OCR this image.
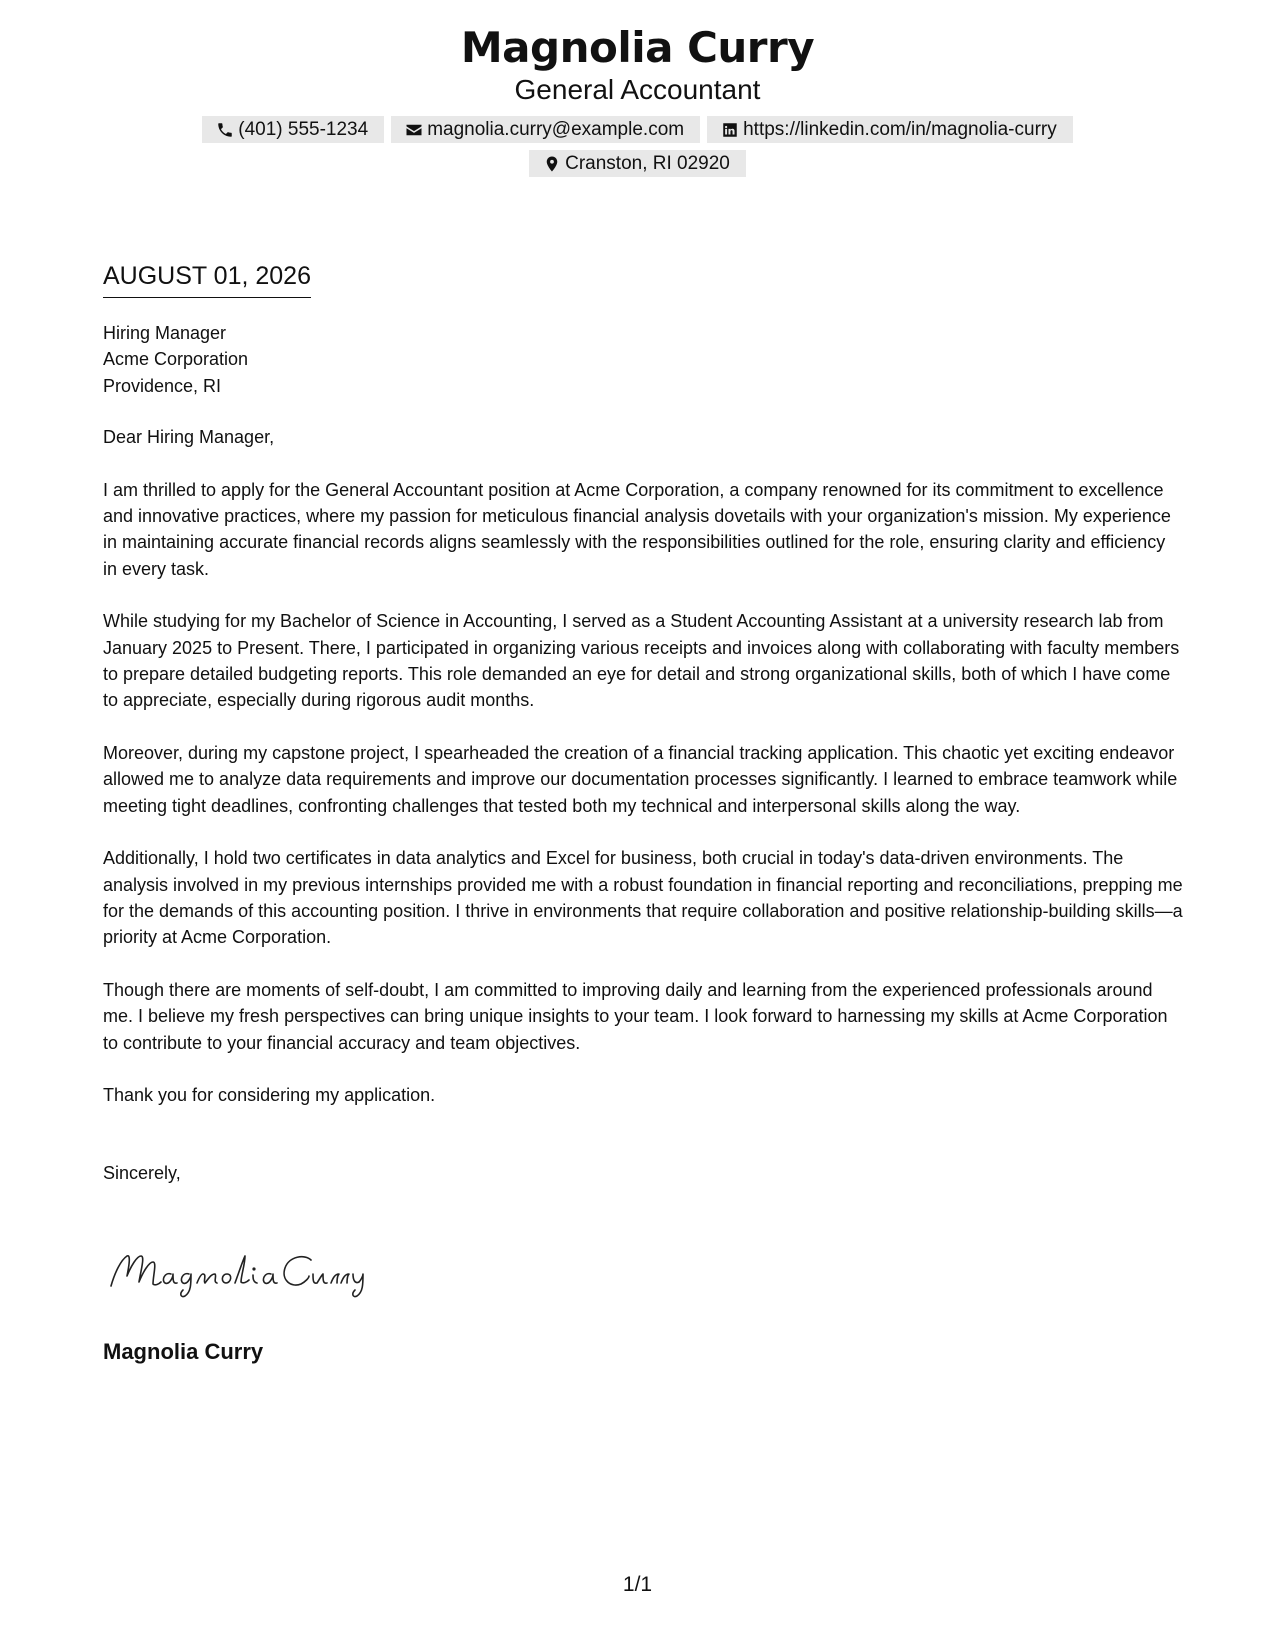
Magnolia Curry
General Accountant
(401) 555-1234	magnolia.curry@example.com	https://linkedin.com/in/magnolia-curry
Cranston, RI 02920
AUGUST 01, 2026
Hiring Manager
Acme Corporation
Providence, RI
Dear Hiring Manager,
I am thrilled to apply for the General Accountant position at Acme Corporation, a company renowned for its commitment to excellence and innovative practices, where my passion for meticulous financial analysis dovetails with your organization's mission. My experience in maintaining accurate financial records aligns seamlessly with the responsibilities outlined for the role, ensuring clarity and efficiency in every task.
While studying for my Bachelor of Science in Accounting, I served as a Student Accounting Assistant at a university research lab from January 2025 to Present. There, I participated in organizing various receipts and invoices along with collaborating with faculty members to prepare detailed budgeting reports. This role demanded an eye for detail and strong organizational skills, both of which I have come to appreciate, especially during rigorous audit months.
Moreover, during my capstone project, I spearheaded the creation of a financial tracking application. This chaotic yet exciting endeavor allowed me to analyze data requirements and improve our documentation processes significantly. I learned to embrace teamwork while meeting tight deadlines, confronting challenges that tested both my technical and interpersonal skills along the way.
Additionally, I hold two certificates in data analytics and Excel for business, both crucial in today's data-driven environments. The analysis involved in my previous internships provided me with a robust foundation in financial reporting and reconciliations, prepping me for the demands of this accounting position. I thrive in environments that require collaboration and positive relationship-building skills—a priority at Acme Corporation.
Though there are moments of self-doubt, I am committed to improving daily and learning from the experienced professionals around me. I believe my fresh perspectives can bring unique insights to your team. I look forward to harnessing my skills at Acme Corporation to contribute to your financial accuracy and team objectives.
Thank you for considering my application.
Sincerely,
Magnolia Curry
1/1
